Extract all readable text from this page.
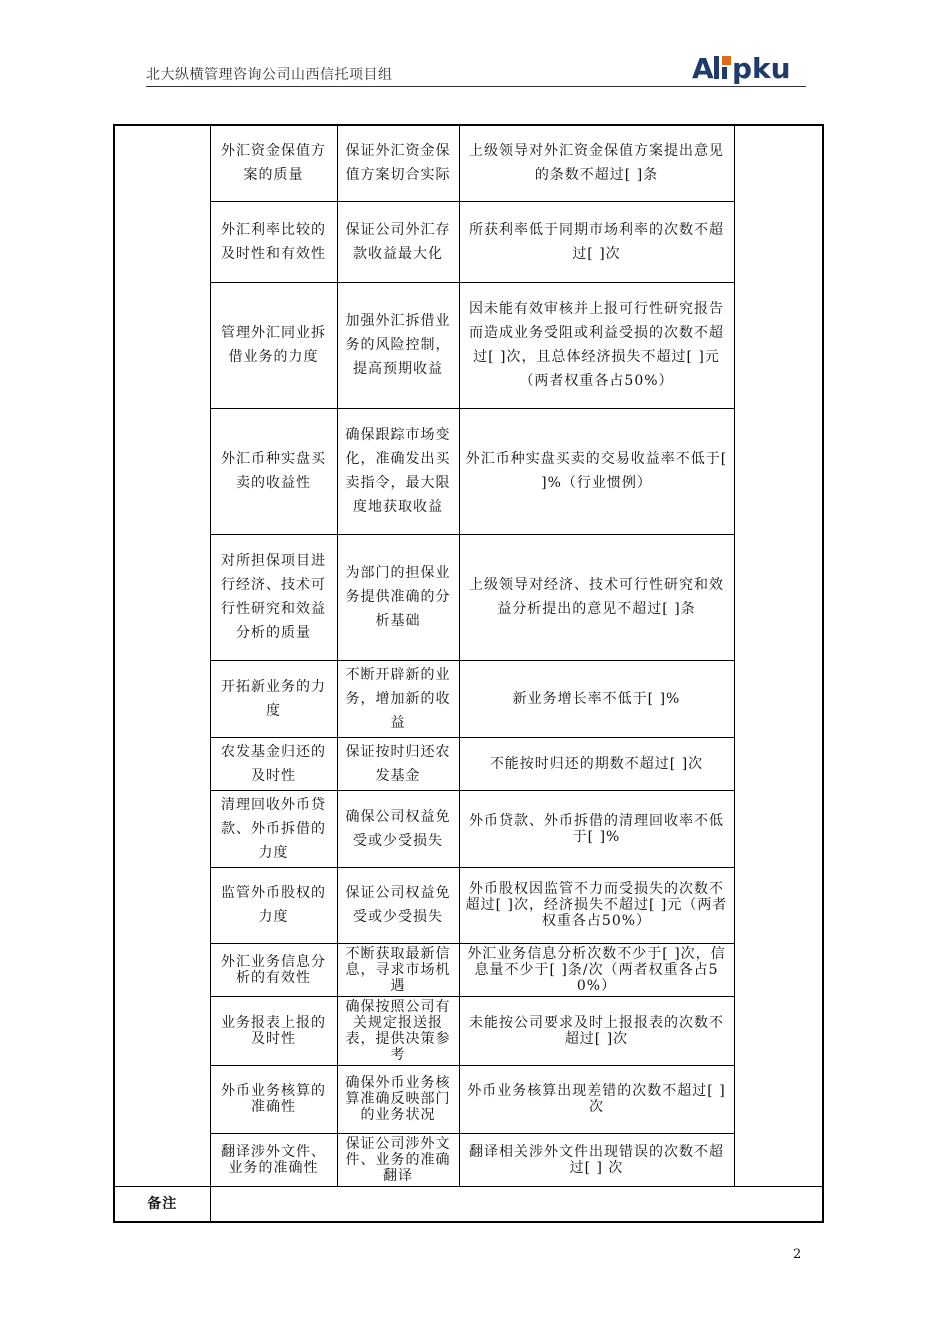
北大纵横管理咨询公司山西信托项目组	A pku
	外汇资金保值方案的质量	保证外汇资金保值方案切合实际	上级领导对外汇资金保值方案提出意见的条数不超过[ ]条	
	外汇利率比较的及时性和有效性	保证公司外汇存款收益最大化	所获利率低于同期市场利率的次数不超过[ ]次	
	管理外汇同业拆借业务的力度	加强外汇拆借业务的风险控制，提高预期收益	因未能有效审核并上报可行性研究报告而造成业务受阻或利益受损的次数不超过[ ]次，且总体经济损失不超过[ ]元（两者权重各占50%）	
	外汇币种实盘买卖的收益性	确保跟踪市场变化，准确发出买卖指令，最大限度地获取收益	外汇币种实盘买卖的交易收益率不低于[ ]%（行业惯例）	
	对所担保项目进行经济、技术可行性研究和效益分析的质量	为部门的担保业务提供准确的分析基础	上级领导对经济、技术可行性研究和效益分析提出的意见不超过[ ]条	
	开拓新业务的力度	不断开辟新的业务，增加新的收益	新业务增长率不低于[ ]%	
	农发基金归还的及时性	保证按时归还农发基金	不能按时归还的期数不超过[ ]次	
	清理回收外币贷款、外币拆借的力度	确保公司权益免受或少受损失	外币贷款、外币拆借的清理回收率不低于[ ]%	
	监管外币股权的力度	保证公司权益免受或少受损失	外币股权因监管不力而受损失的次数不超过[ ]次，经济损失不超过[ ]元（两者权重各占50%）	
	外汇业务信息分析的有效性	不断获取最新信息，寻求市场机遇	外汇业务信息分析次数不少于[ ]次，信息量不少于[ ]条/次（两者权重各占50%）	
	业务报表上报的及时性	确保按照公司有关规定报送报表，提供决策参考	未能按公司要求及时上报报表的次数不超过[ ]次	
	外币业务核算的准确性	确保外币业务核算准确反映部门的业务状况	外币业务核算出现差错的次数不超过[ ]次	
	翻译涉外文件、业务的准确性	保证公司涉外文件、业务的准确翻译	翻译相关涉外文件出现错误的次数不超过[ ] 次	
备注				
2
